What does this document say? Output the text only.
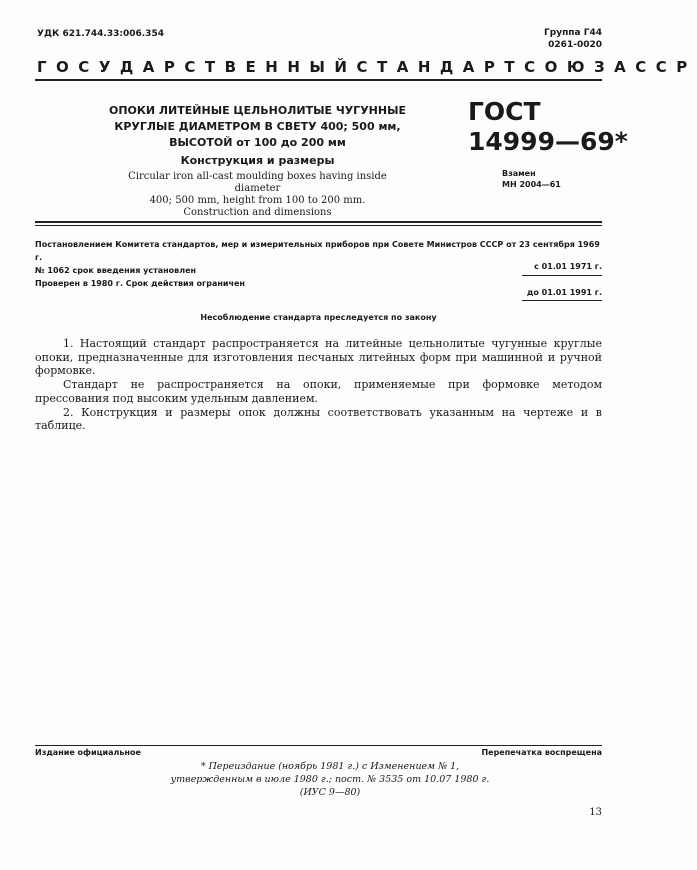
УДК 621.744.33:006.354	Группа Г44
0261-0020
ГОСУДАРСТВЕННЫЙ СТАНДАРТ СОЮЗА ССР
ОПОКИ ЛИТЕЙНЫЕ ЦЕЛЬНОЛИТЫЕ ЧУГУННЫЕ
КРУГЛЫЕ ДИАМЕТРОМ В СВЕТУ 400; 500 мм,
ВЫСОТОЙ от 100 до 200 мм
Конструкция и размеры
Circular iron all-cast moulding boxes having inside diameter
400; 500 mm, height from 100 to 200 mm.
Construction and dimensions
ГОСТ
14999—69*
Взамен
МН 2004—61
Постановлением Комитета стандартов, мер и измерительных приборов при Совете Министров СССР от 23 сентября 1969 г.
№ 1062 срок введения установлен	с 01.01 1971 г.
Проверен в 1980 г. Срок действия ограничен
до 01.01 1991 г.
Несоблюдение стандарта преследуется по закону

1. Настоящий стандарт распространяется на литейные цельнолитые чугунные круглые опоки, предназначенные для изготовления песчаных литейных форм при машинной и ручной формовке.

Стандарт не распространяется на опоки, применяемые при формовке методом прессования под высоким удельным давлением.

2. Конструкция и размеры опок должны соответствовать указанным на чертеже и в таблице.

Издание официальное	Перепечатка воспрещена
* Переиздание (ноябрь 1981 г.) с Изменением № 1,
утвержденным в июле 1980 г.; пост. № 3535 от 10.07 1980 г.
(ИУС 9—80)
13
